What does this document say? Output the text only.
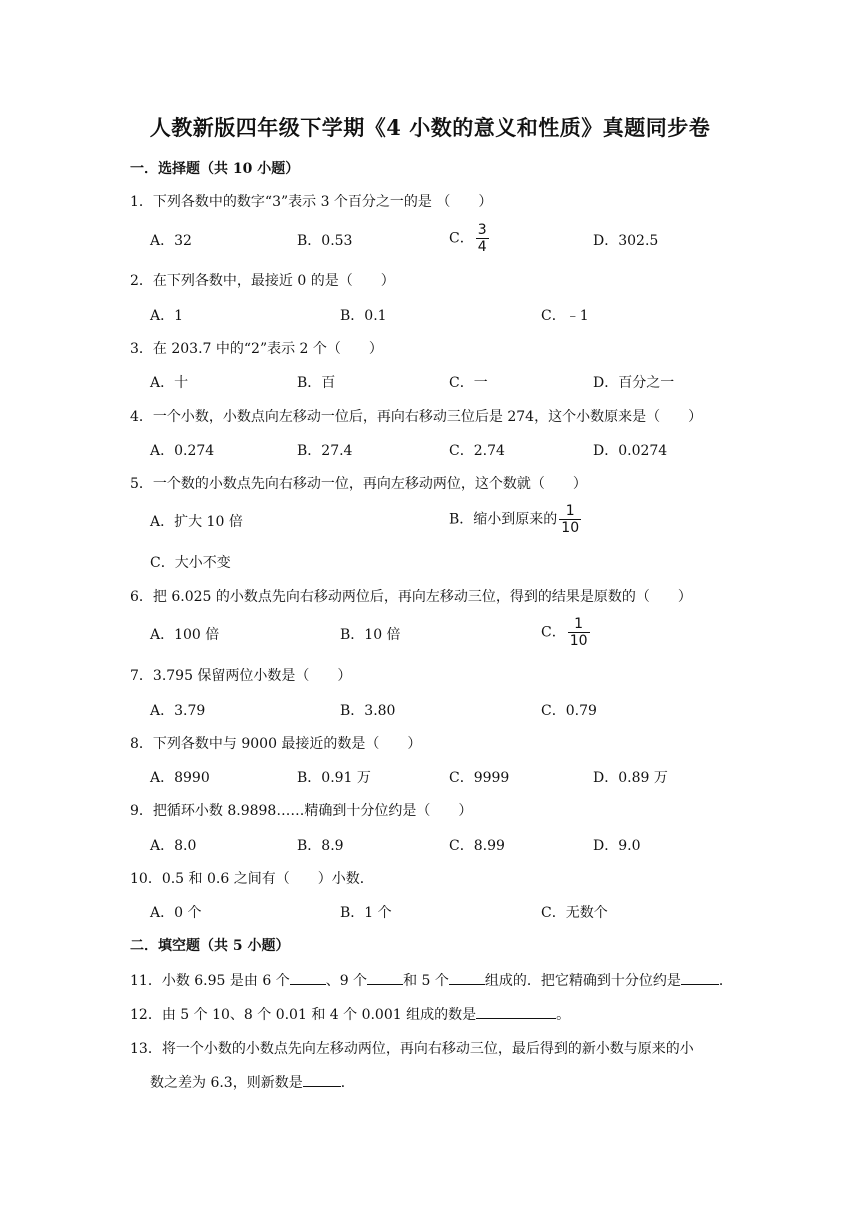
人教新版四年级下学期《4 小数的意义和性质》真题同步卷
一．选择题（共 10 小题）
1．下列各数中的数字“3”表示 3 个百分之一的是 （　　）
A．32	B．0.53	C． $\frac{3}{4}$	D．302.5
2．在下列各数中，最接近 0 的是（　　）
A．1	B．0.1	C．﹣1
3．在 203.7 中的“2”表示 2 个（　　）
A．十	B．百	C．一	D．百分之一
4．一个小数，小数点向左移动一位后，再向右移动三位后是 274，这个小数原来是（　　）
A．0.274	B．27.4	C．2.74	D．0.0274
5．一个数的小数点先向右移动一位，再向左移动两位，这个数就（　　）
A．扩大 10 倍	B．缩小到原来的 $\frac{1}{10}$
C．大小不变
6．把 6.025 的小数点先向右移动两位后，再向左移动三位，得到的结果是原数的（　　）
A．100 倍	B．10 倍	C． $\frac{1}{10}$
7．3.795 保留两位小数是（　　）
A．3.79	B．3.80	C．0.79
8．下列各数中与 9000 最接近的数是（　　）
A．8990	B．0.91 万	C．9999	D．0.89 万
9．把循环小数 8.9898……精确到十分位约是（　　）
A．8.0	B．8.9	C．8.99	D．9.0
10．0.5 和 0.6 之间有（　　）小数．
A．0 个	B．1 个	C．无数个
二．填空题（共 5 小题）
11．小数 6.95 是由 6 个	、9 个	和 5 个	组成的．把它精确到十分位约是	．
12．由 5 个 10、8 个 0.01 和 4 个 0.001 组成的数是	。
13．将一个小数的小数点先向左移动两位，再向右移动三位，最后得到的新小数与原来的小
数之差为 6.3，则新数是	．
